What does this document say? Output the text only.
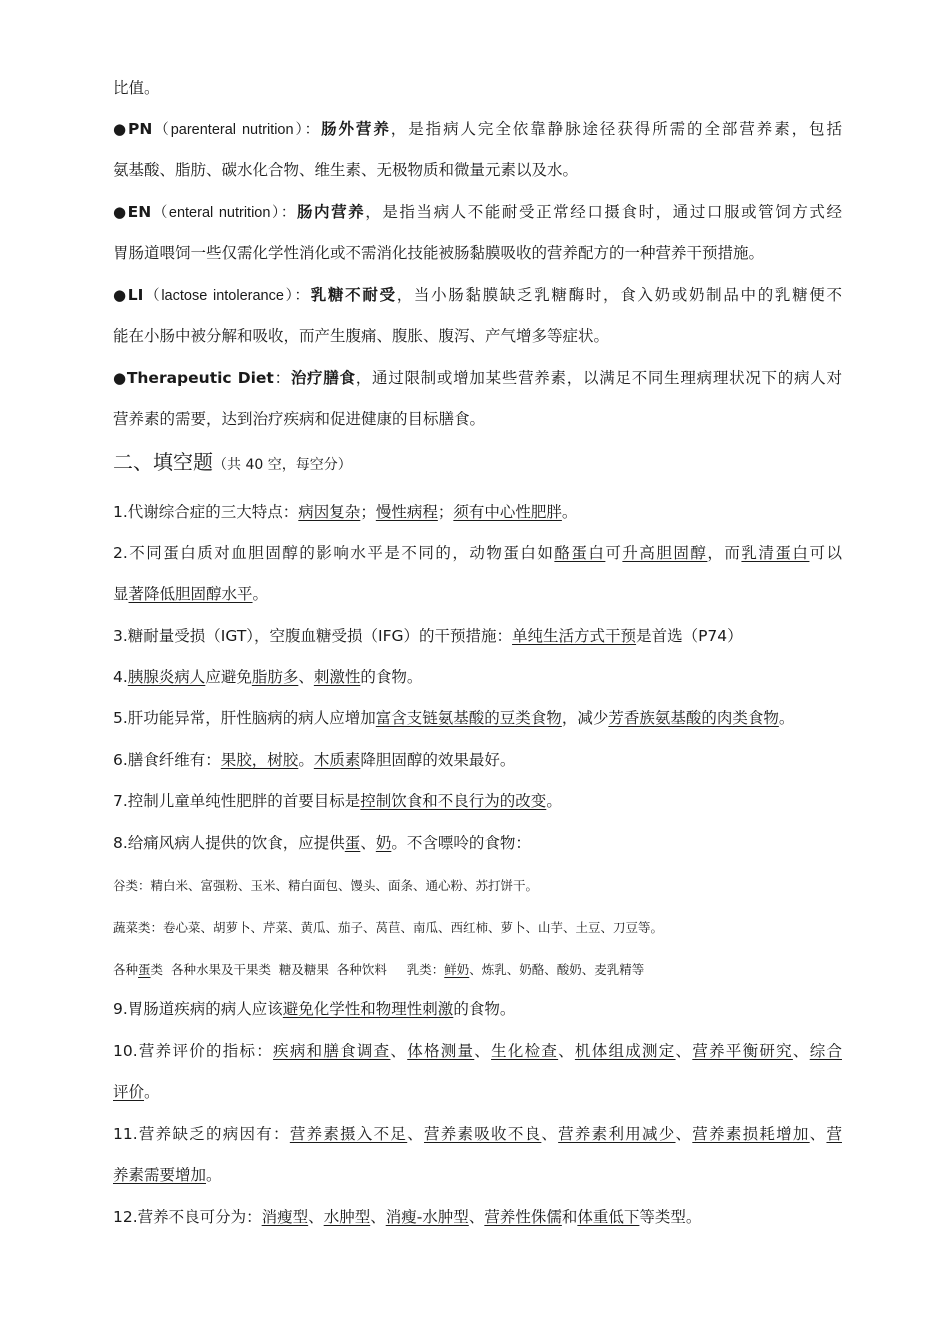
比值。
●PN（parenteral nutrition）：肠外营养，是指病人完全依靠静脉途径获得所需的全部营养素，包括
氨基酸、脂肪、碳水化合物、维生素、无极物质和微量元素以及水。
●EN（enteral nutrition）：肠内营养，是指当病人不能耐受正常经口摄食时，通过口服或管饲方式经
胃肠道喂饲一些仅需化学性消化或不需消化技能被肠黏膜吸收的营养配方的一种营养干预措施。
●LI（lactose intolerance）：乳糖不耐受，当小肠黏膜缺乏乳糖酶时，食入奶或奶制品中的乳糖便不
能在小肠中被分解和吸收，而产生腹痛、腹胀、腹泻、产气增多等症状。
●Therapeutic Diet：治疗膳食，通过限制或增加某些营养素，以满足不同生理病理状况下的病人对
营养素的需要，达到治疗疾病和促进健康的目标膳食。
二、填空题（共 40 空，每空分）
1.代谢综合症的三大特点：病因复杂；慢性病程；须有中心性肥胖。
2.不同蛋白质对血胆固醇的影响水平是不同的，动物蛋白如酪蛋白可升高胆固醇，而乳清蛋白可以
显著降低胆固醇水平。
3.糖耐量受损（IGT），空腹血糖受损（IFG）的干预措施：单纯生活方式干预是首选（P74）
4.胰腺炎病人应避免脂肪多、刺激性的食物。
5.肝功能异常，肝性脑病的病人应增加富含支链氨基酸的豆类食物，减少芳香族氨基酸的肉类食物。
6.膳食纤维有：果胶，树胶。木质素降胆固醇的效果最好。
7.控制儿童单纯性肥胖的首要目标是控制饮食和不良行为的改变。
8.给痛风病人提供的饮食，应提供蛋、奶。不含嘌呤的食物：
谷类：精白米、富强粉、玉米、精白面包、馒头、面条、通心粉、苏打饼干。
蔬菜类：卷心菜、胡萝卜、芹菜、黄瓜、茄子、莴苣、南瓜、西红柿、萝卜、山芋、土豆、刀豆等。
各种蛋类  各种水果及干果类  糖及糖果  各种饮料     乳类：鲜奶、炼乳、奶酪、酸奶、麦乳精等
9.胃肠道疾病的病人应该避免化学性和物理性刺激的食物。
10.营养评价的指标：疾病和膳食调查、体格测量、生化检查、机体组成测定、营养平衡研究、综合
评价。
11.营养缺乏的病因有：营养素摄入不足、营养素吸收不良、营养素利用减少、营养素损耗增加、营
养素需要增加。
12.营养不良可分为：消瘦型、水肿型、消瘦-水肿型、营养性侏儒和体重低下等类型。
